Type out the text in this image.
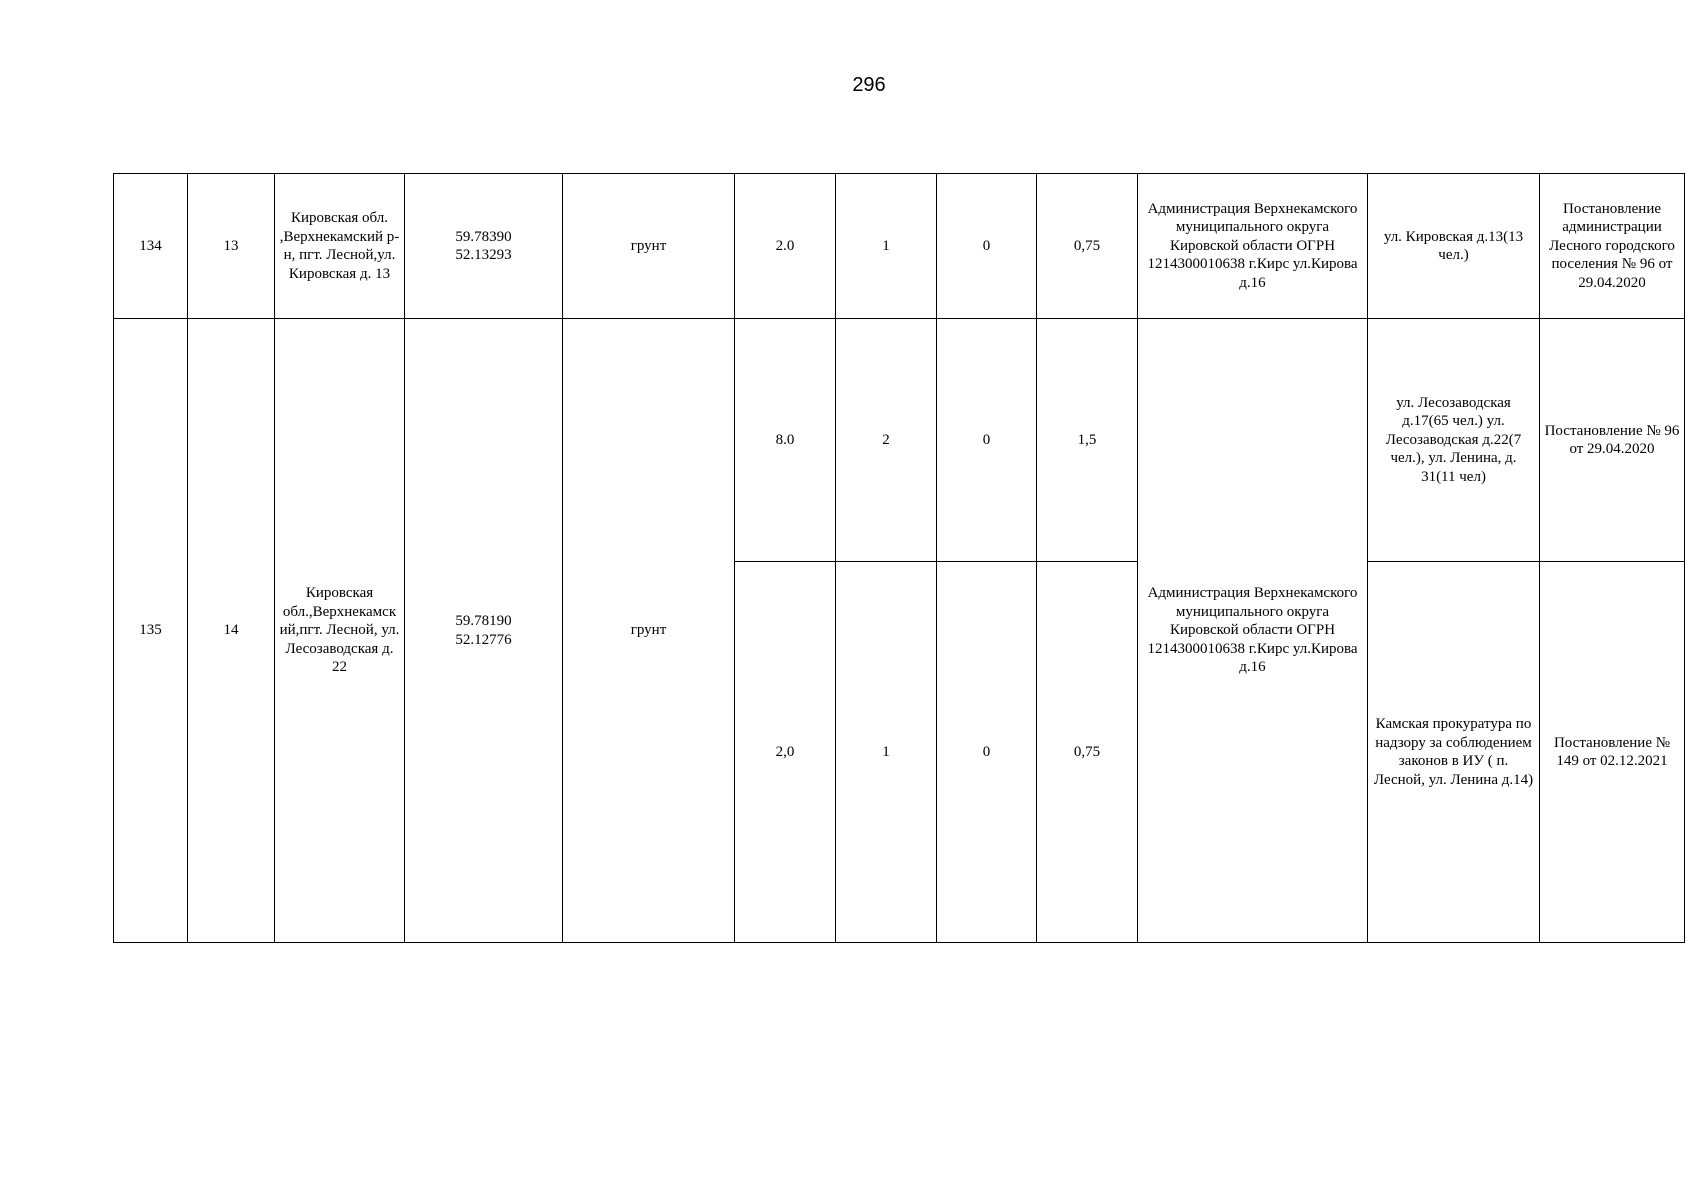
296
134	13	Кировская обл. ,Верхнекамский р-н, пгт. Лесной,ул. Кировская д. 13	59.78390
52.13293	грунт	2.0	1	0	0,75	Администрация Верхнекамского муниципального округа Кировской области ОГРН 1214300010638 г.Кирс ул.Кирова д.16	ул. Кировская д.13(13 чел.)	Постановление администрации Лесного городского поселения № 96 от 29.04.2020
135	14	Кировская обл.,Верхнекамский,пгт. Лесной, ул. Лесозаводская д. 22	59.78190
52.12776	грунт	8.0	2	0	1,5	Администрация Верхнекамского муниципального округа Кировской области ОГРН 1214300010638 г.Кирс ул.Кирова д.16	ул. Лесозаводская д.17(65 чел.) ул. Лесозаводская д.22(7 чел.), ул. Ленина, д. 31(11 чел)	Постановление № 96 от 29.04.2020
					2,0	1	0	0,75		Камская прокуратура по надзору за соблюдением законов в ИУ ( п. Лесной, ул. Ленина д.14)	Постановление № 149 от 02.12.2021
